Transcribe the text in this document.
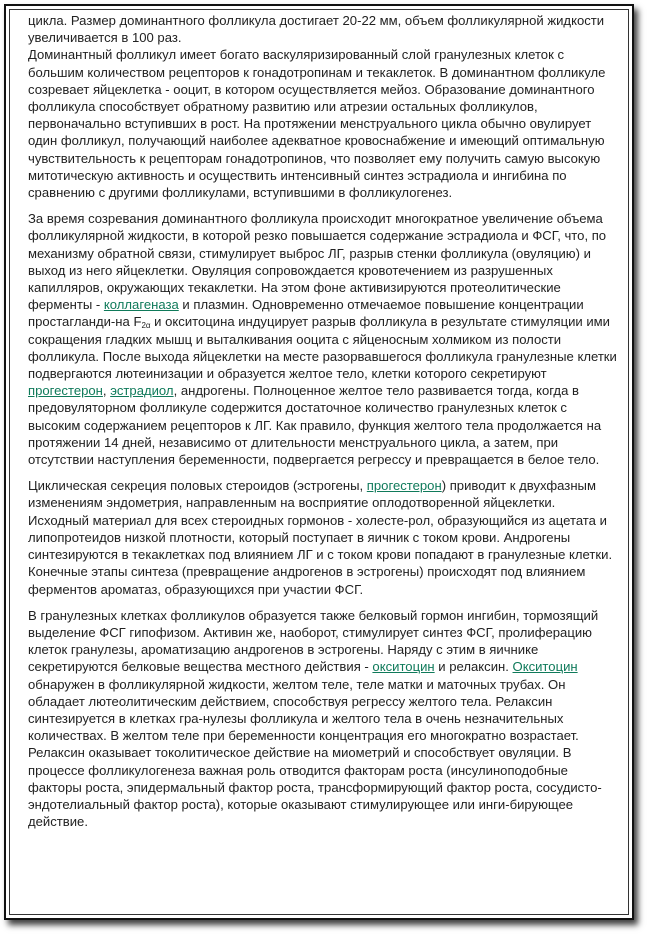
цикла. Размер доминантного фолликула достигает 20-22 мм, объем фолликулярной жидкости увеличивается в 100 раз.
Доминантный фолликул имеет богато васкуляризированный слой гранулезных клеток с большим количеством рецепторов к гонадотропинам и текаклеток. В доминантном фолликуле созревает яйцеклетка - ооцит, в котором осуществляется мейоз. Образование доминантного фолликула способствует обратному развитию или атрезии остальных фолликулов, первоначально вступивших в рост. На протяжении менструального цикла обычно овулирует один фолликул, получающий наиболее адекватное кровоснабжение и имеющий оптимальную чувствительность к рецепторам гонадотропинов, что позволяет ему получить самую высокую митотическую активность и осуществить интенсивный синтез эстрадиола и ингибина по сравнению с другими фолликулами, вступившими в фолликулогенез.

За время созревания доминантного фолликула происходит многократное увеличение объема фолликулярной жидкости, в которой резко повышается содержание эстрадиола и ФСГ, что, по механизму обратной связи, стимулирует выброс ЛГ, разрыв стенки фолликула (овуляцию) и выход из него яйцеклетки. Овуляция сопровождается кровотечением из разрушенных капилляров, окружающих текаклетки. На этом фоне активизируются протеолитические ферменты - коллагеназа и плазмин. Одновременно отмечаемое повышение концентрации простагланди-на $F_{2\alpha}$ и окситоцина индуцирует разрыв фолликула в результате стимуляции ими сокращения гладких мышц и выталкивания ооцита с яйценосным холмиком из полости фолликула. После выхода яйцеклетки на месте разорвавшегося фолликула гранулезные клетки подвергаются лютеинизации и образуется желтое тело, клетки которого секретируют прогестерон, эстрадиол, андрогены. Полноценное желтое тело развивается тогда, когда в предовуляторном фолликуле содержится достаточное количество гранулезных клеток с высоким содержанием рецепторов к ЛГ. Как правило, функция желтого тела продолжается на протяжении 14 дней, независимо от длительности менструального цикла, а затем, при отсутствии наступления беременности, подвергается регрессу и превращается в белое тело.

Циклическая секреция половых стероидов (эстрогены, прогестерон) приводит к двухфазным изменениям эндометрия, направленным на восприятие оплодотворенной яйцеклетки. Исходный материал для всех стероидных гормонов - холесте-рол, образующийся из ацетата и липопротеидов низкой плотности, который поступает в яичник с током крови. Андрогены синтезируются в текаклетках под влиянием ЛГ и с током крови попадают в гранулезные клетки. Конечные этапы синтеза (превращение андрогенов в эстрогены) происходят под влиянием ферментов ароматаз, образующихся при участии ФСГ.

В гранулезных клетках фолликулов образуется также белковый гормон ингибин, тормозящий выделение ФСГ гипофизом. Активин же, наоборот, стимулирует синтез ФСГ, пролиферацию клеток гранулезы, ароматизацию андрогенов в эстрогены. Наряду с этим в яичнике секретируются белковые вещества местного действия - окситоцин и релаксин. Окситоцин обнаружен в фолликулярной жидкости, желтом теле, теле матки и маточных трубах. Он обладает лютеолитическим действием, способствуя регрессу желтого тела. Релаксин синтезируется в клетках гра-нулезы фолликула и желтого тела в очень незначительных количествах. В желтом теле при беременности концентрация его многократно возрастает. Релаксин оказывает токолитическое действие на миометрий и способствует овуляции. В процессе фолликулогенеза важная роль отводится факторам роста (инсулиноподобные факторы роста, эпидермальный фактор роста, трансформирующий фактор роста, сосудисто-эндотелиальный фактор роста), которые оказывают стимулирующее или инги-бирующее действие.
